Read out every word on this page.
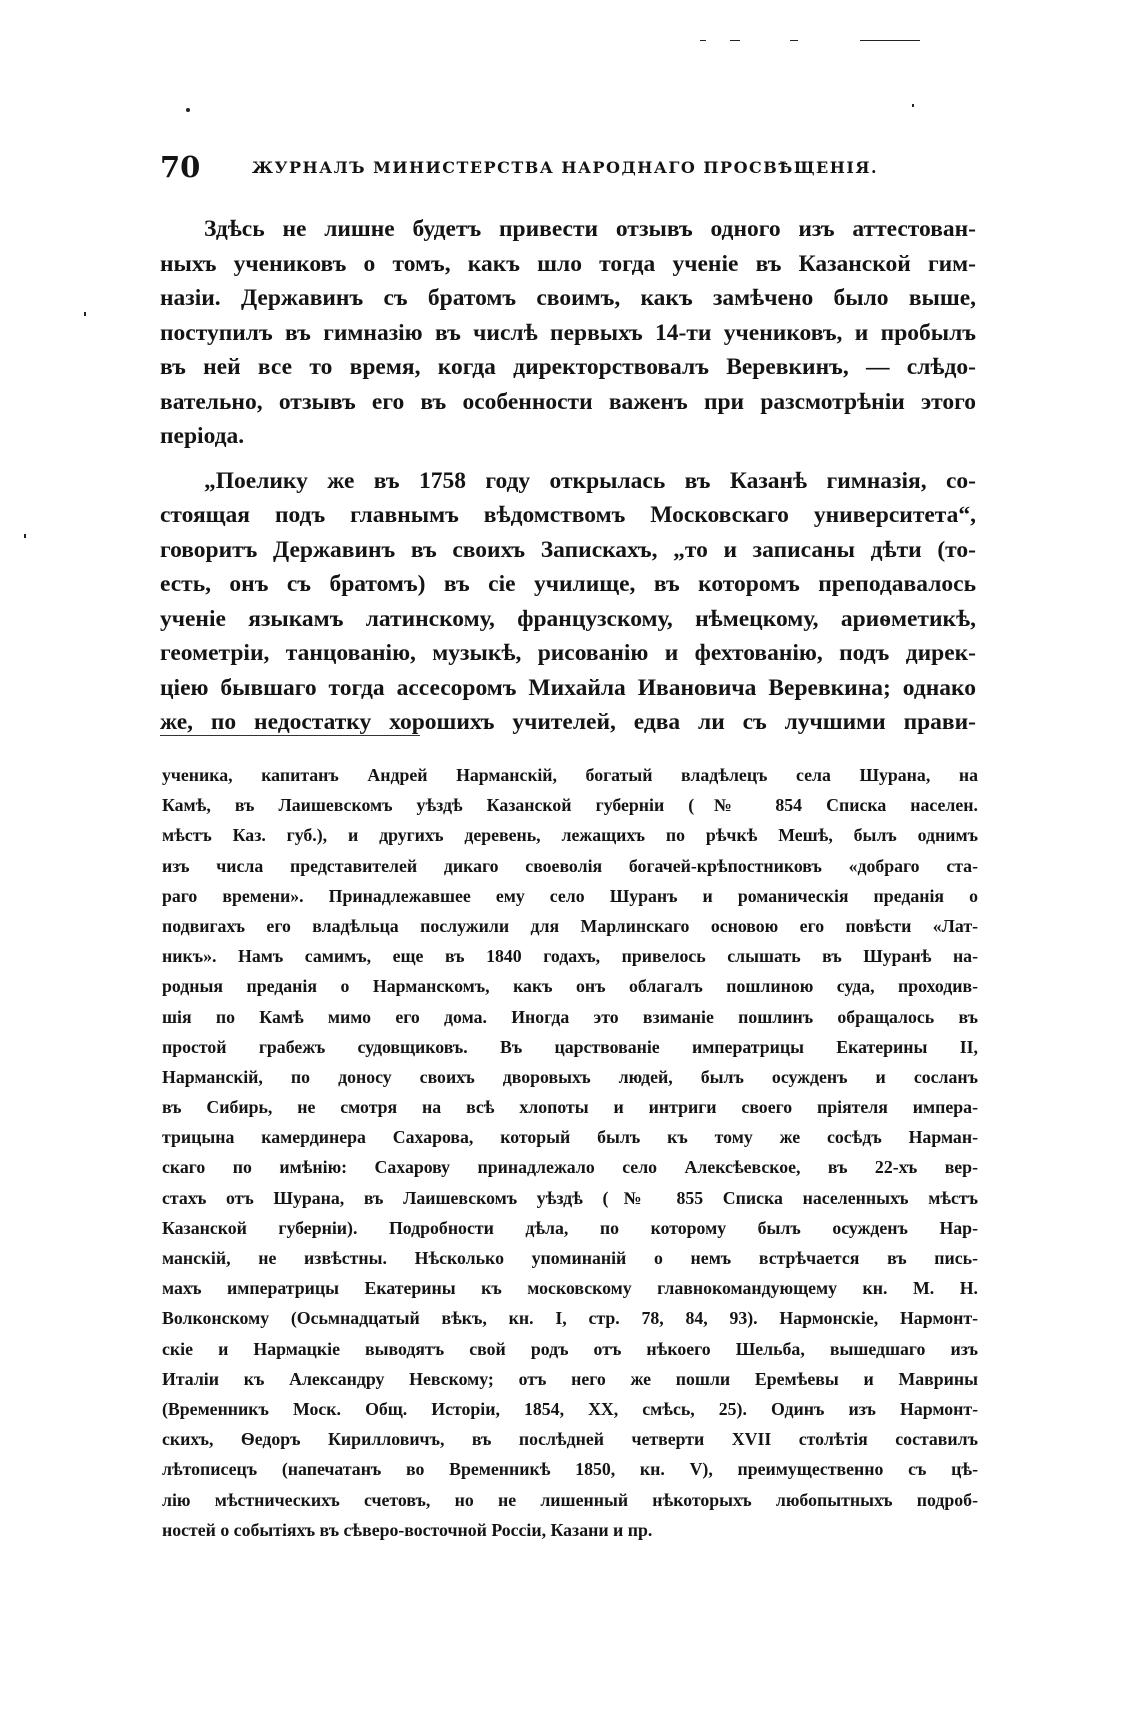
70	ЖУРНАЛЪ МИНИСТЕРСТВА НАРОДНАГО ПРОСВѢЩЕНІЯ.
Здѣсь не лишне будетъ привести отзывъ одного изъ аттестован-
ныхъ учениковъ о томъ, какъ шло тогда ученіе въ Казанской гим-
назіи. Державинъ съ братомъ своимъ, какъ замѣчено было выше,
поступилъ въ гимназію въ числѣ первыхъ 14-ти учениковъ, и пробылъ
въ ней все то время, когда директорствовалъ Веревкинъ, — слѣдо-
вательно, отзывъ его въ особенности важенъ при разсмотрѣніи этого
періода.
„Поелику же въ 1758 году открылась въ Казанѣ гимназія, со-
стоящая подъ главнымъ вѣдомствомъ Московскаго университета“,
говоритъ Державинъ въ своихъ Запискахъ, „то и записаны дѣти (то-
есть, онъ съ братомъ) въ сіе училище, въ которомъ преподавалось
ученіе языкамъ латинскому, французскому, нѣмецкому, ариѳметикѣ,
геометріи, танцованію, музыкѣ, рисованію и фехтованію, подъ дирек-
ціею бывшаго тогда ассесоромъ Михайла Ивановича Веревкина; однако
же, по недостатку хорошихъ учителей, едва ли съ лучшими прави-
ученика, капитанъ Андрей Нармансκій, богатый владѣлецъ села Шурана, на
Камѣ, въ Лаишевскомъ уѣздѣ Казанской губерніи (№ 854 Списка населен.
мѣстъ Каз. губ.), и другихъ деревень, лежащихъ по рѣчкѣ Мешѣ, былъ однимъ
изъ числа представителей дикаго своеволія богачей-крѣпостниковъ «добраго ста-
раго времени». Принадлежавшее ему село Шуранъ и романическія преданія о
подвигахъ его владѣльца послужили для Марлинскаго основою его повѣсти «Лат-
никъ». Намъ самимъ, еще въ 1840 годахъ, привелось слышать въ Шуранѣ на-
родныя преданія о Нармансκомъ, какъ онъ облагалъ пошлиною суда, проходив-
шія по Камѣ мимо его дома. Иногда это взиманіе пошлинъ обращалось въ
простой грабежъ судовщиковъ. Въ царствованіе императрицы Екатерины II,
Нармансκій, по доносу своихъ дворовыхъ людей, былъ осужденъ и сосланъ
въ Сибирь, не смотря на всѣ хлопоты и интриги своего пріятеля импера-
трицына камердинера Сахарова, который былъ къ тому же сосѣдъ Нарман-
скаго по имѣнію: Сахарову принадлежало село Алексѣевское, въ 22-хъ вер-
стахъ отъ Шурана, въ Лаишевскомъ уѣздѣ (№ 855 Списка населенныхъ мѣстъ
Казанской губерніи). Подробности дѣла, по которому былъ осужденъ Нар-
мансκій, не извѣстны. Нѣсколько упоминаній о немъ встрѣчается въ пись-
махъ императрицы Екатерины къ московскому главнокомандующему кн. М. Н.
Волконскому (Осьмнадцатый вѣкъ, кн. I, стр. 78, 84, 93). Нармонскіе, Нармонт-
скіе и Нармацкіе выводятъ свой родъ отъ нѣкоего Шельба, вышедшаго изъ
Италіи къ Александру Невскому; отъ него же пошли Еремѣевы и Маврины
(Временникъ Моск. Общ. Исторіи, 1854, XX, смѣсь, 25). Одинъ изъ Нармонт-
скихъ, Ѳедоръ Кирилловичъ, въ послѣдней четверти XVII столѣтія составилъ
лѣтописецъ (напечатанъ во Временникѣ 1850, кн. V), преимущественно съ цѣ-
лію мѣстническихъ счетовъ, но не лишенный нѣкоторыхъ любопытныхъ подроб-
ностей о событіяхъ въ сѣверо-восточной Россіи, Казани и пр.
